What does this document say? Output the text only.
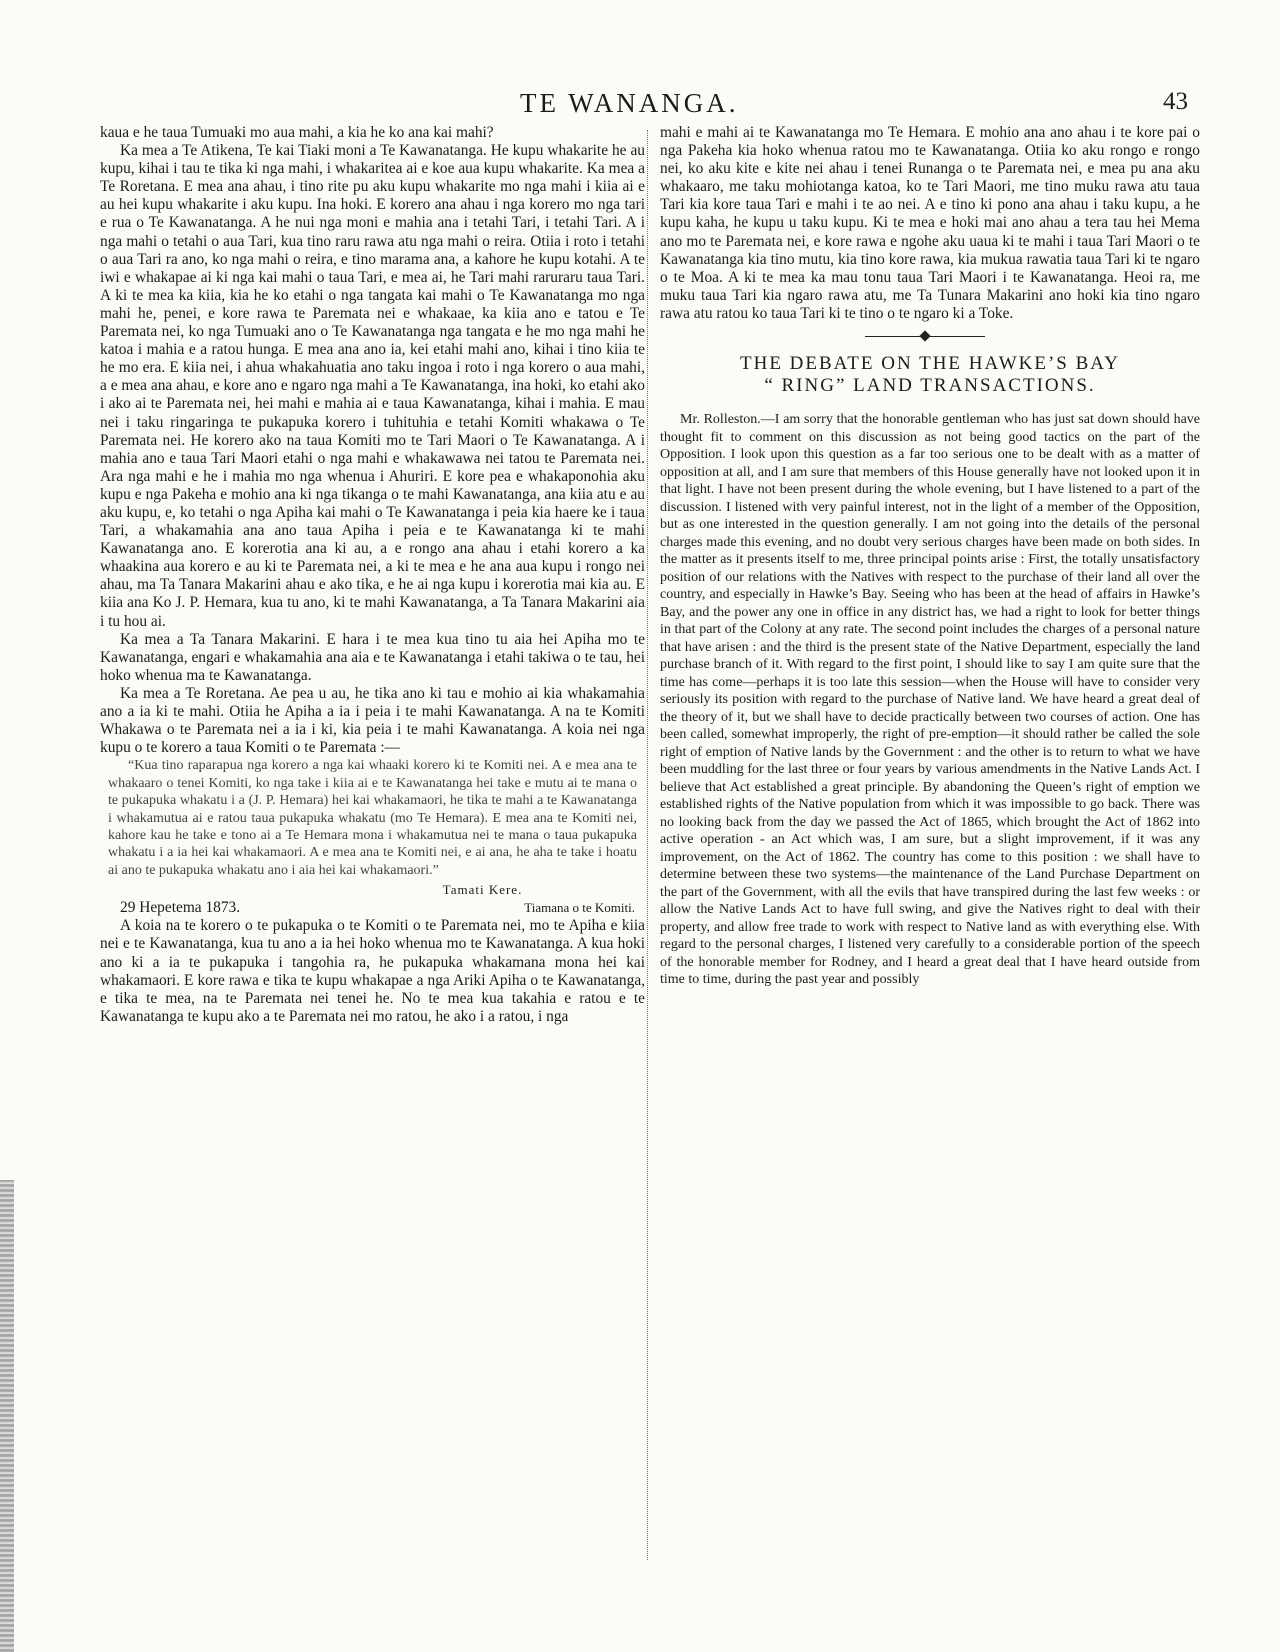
TE WANANGA.	43

kaua e he taua Tumuaki mo aua mahi, a kia he ko ana kai mahi?

Ka mea a Te Atikena, Te kai Tiaki moni a Te Kawanatanga. He kupu whakarite he au kupu, kihai i tau te tika ki nga mahi, i whakaritea ai e koe aua kupu whakarite. Ka mea a Te Roretana. E mea ana ahau, i tino rite pu aku kupu whakarite mo nga mahi i kiia ai e au hei kupu whakarite i aku kupu. Ina hoki. E korero ana ahau i nga korero mo nga tari e rua o Te Kawanatanga. A he nui nga moni e mahia ana i tetahi Tari, i tetahi Tari. A i nga mahi o tetahi o aua Tari, kua tino raru rawa atu nga mahi o reira. Otiia i roto i tetahi o aua Tari ra ano, ko nga mahi o reira, e tino marama ana, a kahore he kupu kotahi. A te iwi e whakapae ai ki nga kai mahi o taua Tari, e mea ai, he Tari mahi raruraru taua Tari. A ki te mea ka kiia, kia he ko etahi o nga tangata kai mahi o Te Kawanatanga mo nga mahi he, penei, e kore rawa te Paremata nei e whakaae, ka kiia ano e tatou e Te Paremata nei, ko nga Tumuaki ano o Te Kawanatanga nga tangata e he mo nga mahi he katoa i mahia e a ratou hunga. E mea ana ano ia, kei etahi mahi ano, kihai i tino kiia te he mo era. E kiia nei, i ahua whakahuatia ano taku ingoa i roto i nga korero o aua mahi, a e mea ana ahau, e kore ano e ngaro nga mahi a Te Kawanatanga, ina hoki, ko etahi ako i ako ai te Paremata nei, hei mahi e mahia ai e taua Kawanatanga, kihai i mahia. E mau nei i taku ringaringa te pukapuka korero i tuhituhia e tetahi Komiti whakawa o Te Paremata nei. He korero ako na taua Komiti mo te Tari Maori o Te Kawanatanga. A i mahia ano e taua Tari Maori etahi o nga mahi e whakawawa nei tatou te Paremata nei. Ara nga mahi e he i mahia mo nga whenua i Ahuriri. E kore pea e whakaponohia aku kupu e nga Pakeha e mohio ana ki nga tikanga o te mahi Kawanatanga, ana kiia atu e au aku kupu, e, ko tetahi o nga Apiha kai mahi o Te Kawanatanga i peia kia haere ke i taua Tari, a whakamahia ana ano taua Apiha i peia e te Kawanatanga ki te mahi Kawanatanga ano. E korerotia ana ki au, a e rongo ana ahau i etahi korero a ka whaakina aua korero e au ki te Paremata nei, a ki te mea e he ana aua kupu i rongo nei ahau, ma Ta Tanara Makarini ahau e ako tika, e he ai nga kupu i korerotia mai kia au. E kiia ana Ko J. P. Hemara, kua tu ano, ki te mahi Kawanatanga, a Ta Tanara Makarini aia i tu hou ai.

Ka mea a Ta Tanara Makarini. E hara i te mea kua tino tu aia hei Apiha mo te Kawanatanga, engari e whakamahia ana aia e te Kawanatanga i etahi takiwa o te tau, hei hoko whenua ma te Kawanatanga.

Ka mea a Te Roretana. Ae pea u au, he tika ano ki tau e mohio ai kia whakamahia ano a ia ki te mahi. Otiia he Apiha a ia i peia i te mahi Kawanatanga. A na te Komiti Whakawa o te Paremata nei a ia i ki, kia peia i te mahi Kawanatanga. A koia nei nga kupu o te korero a taua Komiti o te Paremata :—

“Kua tino raparapua nga korero a nga kai whaaki korero ki te Komiti nei. A e mea ana te whakaaro o tenei Komiti, ko nga take i kiia ai e te Kawanatanga hei take e mutu ai te mana o te pukapuka whakatu i a (J. P. Hemara) hei kai whakamaori, he tika te mahi a te Kawanatanga i whakamutua ai e ratou taua pukapuka whakatu (mo Te Hemara). E mea ana te Komiti nei, kahore kau he take e tono ai a Te Hemara mona i whakamutua nei te mana o taua pukapuka whakatu i a ia hei kai whakamaori. A e mea ana te Komiti nei, e ai ana, he aha te take i hoatu ai ano te pukapuka whakatu ano i aia hei kai whakamaori.”

Tamati Kere.
29 Hepetema 1873.	Tiamana o te Komiti.

A koia na te korero o te pukapuka o te Komiti o te Paremata nei, mo te Apiha e kiia nei e te Kawanatanga, kua tu ano a ia hei hoko whenua mo te Kawanatanga. A kua hoki ano ki a ia te pukapuka i tangohia ra, he pukapuka whakamana mona hei kai whakamaori. E kore rawa e tika te kupu whakapae a nga Ariki Apiha o te Kawanatanga, e tika te mea, na te Paremata nei tenei he. No te mea kua takahia e ratou e te Kawanatanga te kupu ako a te Paremata nei mo ratou, he ako i a ratou, i nga

mahi e mahi ai te Kawanatanga mo Te Hemara. E mohio ana ano ahau i te kore pai o nga Pakeha kia hoko whenua ratou mo te Kawanatanga. Otiia ko aku rongo e rongo nei, ko aku kite e kite nei ahau i tenei Runanga o te Paremata nei, e mea pu ana aku whakaaro, me taku mohiotanga katoa, ko te Tari Maori, me tino muku rawa atu taua Tari kia kore taua Tari e mahi i te ao nei. A e tino ki pono ana ahau i taku kupu, a he kupu kaha, he kupu u taku kupu. Ki te mea e hoki mai ano ahau a tera tau hei Mema ano mo te Paremata nei, e kore rawa e ngohe aku uaua ki te mahi i taua Tari Maori o te Kawanatanga kia tino mutu, kia tino kore rawa, kia mukua rawatia taua Tari ki te ngaro o te Moa. A ki te mea ka mau tonu taua Tari Maori i te Kawanatanga. Heoi ra, me muku taua Tari kia ngaro rawa atu, me Ta Tunara Makarini ano hoki kia tino ngaro rawa atu ratou ko taua Tari ki te tino o te ngaro ki a Toke.

THE DEBATE ON THE HAWKE’S BAY
“ RING” LAND TRANSACTIONS.

Mr. Rolleston.—I am sorry that the honorable gentleman who has just sat down should have thought fit to comment on this discussion as not being good tactics on the part of the Opposition. I look upon this question as a far too serious one to be dealt with as a matter of opposition at all, and I am sure that members of this House generally have not looked upon it in that light. I have not been present during the whole evening, but I have listened to a part of the discussion. I listened with very painful interest, not in the light of a member of the Opposition, but as one interested in the question generally. I am not going into the details of the personal charges made this evening, and no doubt very serious charges have been made on both sides. In the matter as it presents itself to me, three principal points arise : First, the totally unsatisfactory position of our relations with the Natives with respect to the purchase of their land all over the country, and especially in Hawke’s Bay. Seeing who has been at the head of affairs in Hawke’s Bay, and the power any one in office in any district has, we had a right to look for better things in that part of the Colony at any rate. The second point includes the charges of a personal nature that have arisen : and the third is the present state of the Native Department, especially the land purchase branch of it. With regard to the first point, I should like to say I am quite sure that the time has come—perhaps it is too late this session—when the House will have to consider very seriously its position with regard to the purchase of Native land. We have heard a great deal of the theory of it, but we shall have to decide practically between two courses of action. One has been called, somewhat improperly, the right of pre-emption—it should rather be called the sole right of emption of Native lands by the Government : and the other is to return to what we have been muddling for the last three or four years by various amendments in the Native Lands Act. I believe that Act established a great principle. By abandoning the Queen’s right of emption we established rights of the Native population from which it was impossible to go back. There was no looking back from the day we passed the Act of 1865, which brought the Act of 1862 into active operation - an Act which was, I am sure, but a slight improvement, if it was any improvement, on the Act of 1862. The country has come to this position : we shall have to determine between these two systems—the maintenance of the Land Purchase Department on the part of the Government, with all the evils that have transpired during the last few weeks : or allow the Native Lands Act to have full swing, and give the Natives right to deal with their property, and allow free trade to work with respect to Native land as with everything else. With regard to the personal charges, I listened very carefully to a considerable portion of the speech of the honorable member for Rodney, and I heard a great deal that I have heard outside from time to time, during the past year and possibly
